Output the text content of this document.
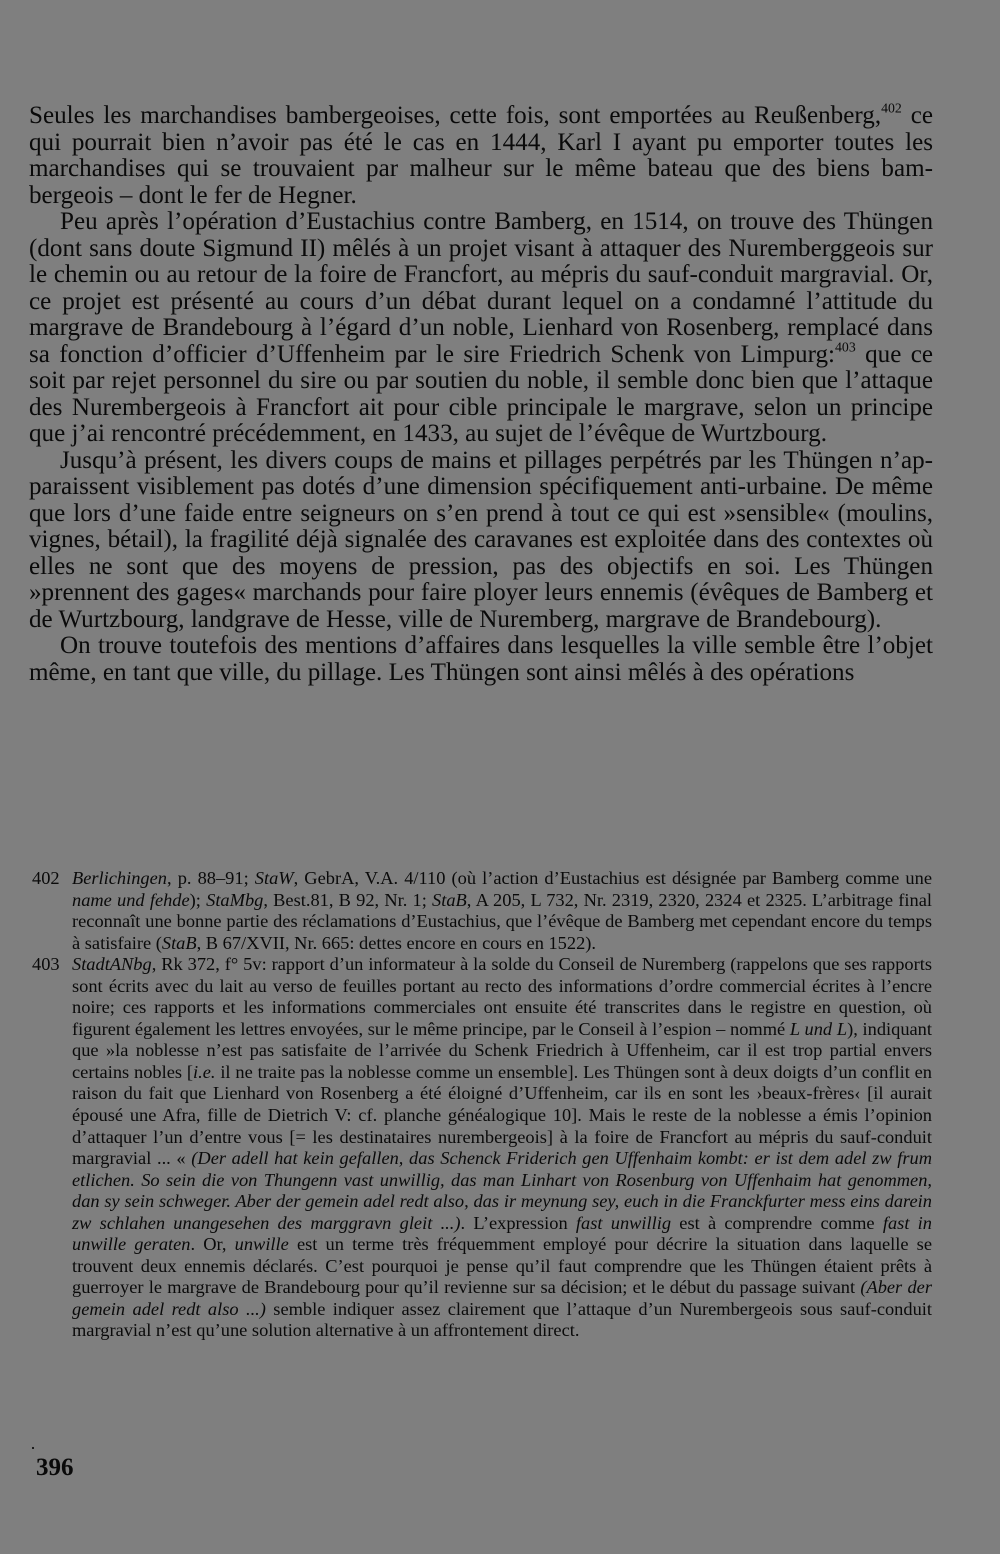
Seules les marchandises bambergeoises, cette fois, sont emportées au Reußenberg,$^{402}$ ce qui pourrait bien n’avoir pas été le cas en 1444, Karl I ayant pu emporter toutes les marchandises qui se trouvaient par malheur sur le même bateau que des biens bambergeois – dont le fer de Hegner.

Peu après l’opération d’Eustachius contre Bamberg, en 1514, on trouve des Thüngen (dont sans doute Sigmund II) mêlés à un projet visant à attaquer des Nuremberggeois sur le chemin ou au retour de la foire de Francfort, au mépris du sauf-conduit margravial. Or, ce projet est présenté au cours d’un débat durant lequel on a condamné l’attitude du margrave de Brandebourg à l’égard d’un noble, Lienhard von Rosenberg, remplacé dans sa fonction d’officier d’Uffenheim par le sire Friedrich Schenk von Limpurg:$^{403}$ que ce soit par rejet personnel du sire ou par soutien du noble, il semble donc bien que l’attaque des Nurembergeois à Francfort ait pour cible principale le margrave, selon un principe que j’ai rencontré précédemment, en 1433, au sujet de l’évêque de Wurtzbourg.

Jusqu’à présent, les divers coups de mains et pillages perpétrés par les Thüngen n’apparaissent visiblement pas dotés d’une dimension spécifiquement anti-urbaine. De même que lors d’une faide entre seigneurs on s’en prend à tout ce qui est »sensible« (moulins, vignes, bétail), la fragilité déjà signalée des caravanes est exploitée dans des contextes où elles ne sont que des moyens de pression, pas des objectifs en soi. Les Thüngen »prennent des gages« marchands pour faire ployer leurs ennemis (évêques de Bamberg et de Wurtzbourg, landgrave de Hesse, ville de Nuremberg, margrave de Brandebourg).

On trouve toutefois des mentions d’affaires dans lesquelles la ville semble être l’objet même, en tant que ville, du pillage. Les Thüngen sont ainsi mêlés à des opérations

402 Berlichingen, p. 88–91; StaW, GebrA, V.A. 4/110 (où l’action d’Eustachius est désignée par Bamberg comme une name und fehde); StaMbg, Best.81, B 92, Nr. 1; StaB, A 205, L 732, Nr. 2319, 2320, 2324 et 2325. L’arbitrage final reconnaît une bonne partie des réclamations d’Eustachius, que l’évêque de Bamberg met cependant encore du temps à satisfaire (StaB, B 67/XVII, Nr. 665: dettes encore en cours en 1522).

403 StadtANbg, Rk 372, f° 5v: rapport d’un informateur à la solde du Conseil de Nuremberg (rappelons que ses rapports sont écrits avec du lait au verso de feuilles portant au recto des informations d’ordre commercial écrites à l’encre noire; ces rapports et les informations commerciales ont ensuite été transcrites dans le registre en question, où figurent également les lettres envoyées, sur le même principe, par le Conseil à l’espion – nommé L und L), indiquant que »la noblesse n’est pas satisfaite de l’arrivée du Schenk Friedrich à Uffenheim, car il est trop partial envers certains nobles [i.e. il ne traite pas la noblesse comme un ensemble]. Les Thüngen sont à deux doigts d’un conflit en raison du fait que Lienhard von Rosenberg a été éloigné d’Uffenheim, car ils en sont les ›beaux-frères‹ [il aurait épousé une Afra, fille de Dietrich V: cf. planche généalogique 10]. Mais le reste de la noblesse a émis l’opinion d’attaquer l’un d’entre vous [= les destinataires nurembergeois] à la foire de Francfort au mépris du sauf-conduit margravial ... « (Der adell hat kein gefallen, das Schenck Friderich gen Uffenhaim kombt: er ist dem adel zw frum etlichen. So sein die von Thungenn vast unwillig, das man Linhart von Rosenburg von Uffenhaim hat genommen, dan sy sein schweger. Aber der gemein adel redt also, das ir meynung sey, euch in die Franckfurter mess eins darein zw schlahen unangesehen des marggravn gleit ...). L’expression fast unwillig est à comprendre comme fast in unwille geraten. Or, unwille est un terme très fréquemment employé pour décrire la situation dans laquelle se trouvent deux ennemis déclarés. C’est pourquoi je pense qu’il faut comprendre que les Thüngen étaient prêts à guerroyer le margrave de Brandebourg pour qu’il revienne sur sa décision; et le début du passage suivant (Aber der gemein adel redt also ...) semble indiquer assez clairement que l’attaque d’un Nurembergeois sous sauf-conduit margravial n’est qu’une solution alternative à un affrontement direct.

·
396
